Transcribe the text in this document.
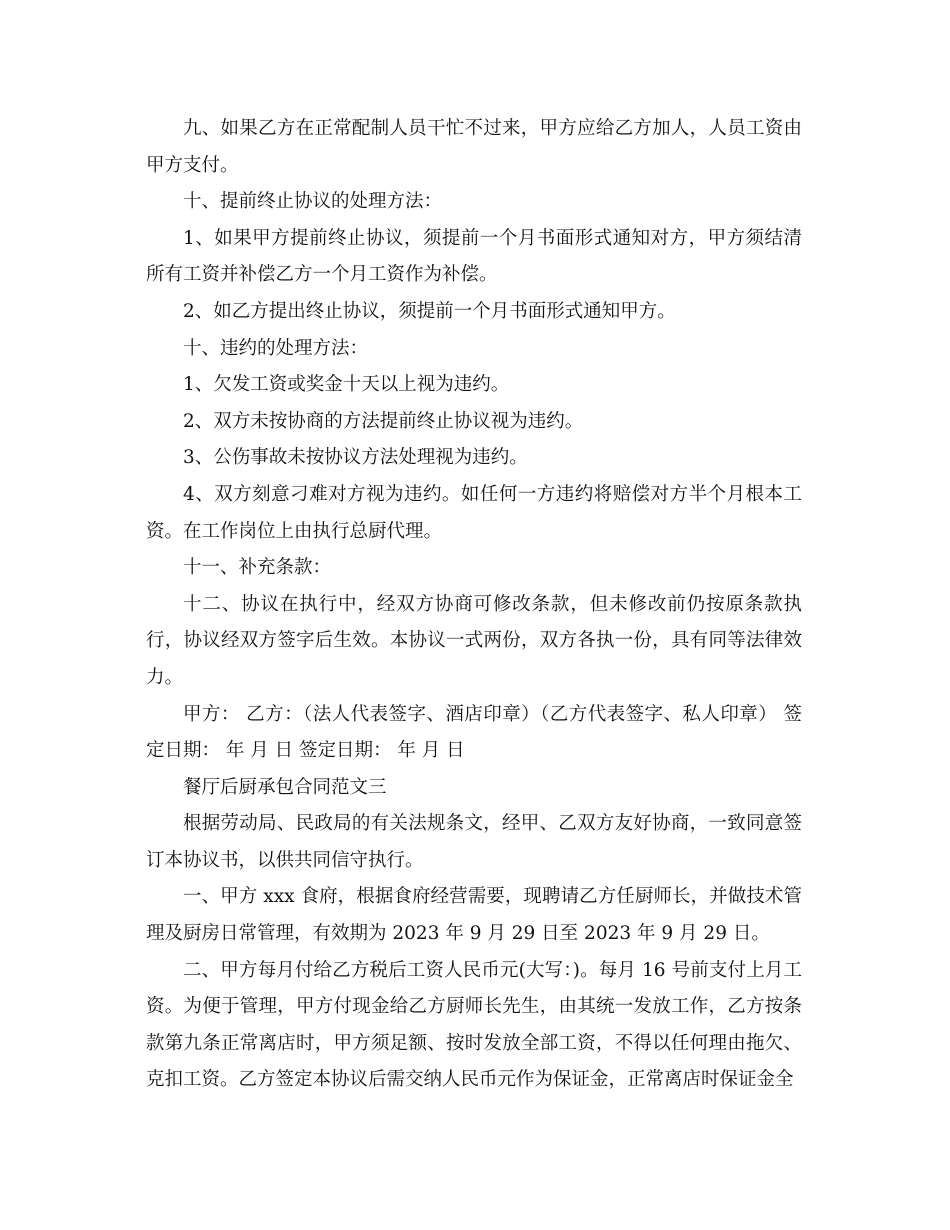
九、如果乙方在正常配制人员干忙不过来，甲方应给乙方加人，人员工资由甲方支付。

十、提前终止协议的处理方法：

1、如果甲方提前终止协议，须提前一个月书面形式通知对方，甲方须结清所有工资并补偿乙方一个月工资作为补偿。

2、如乙方提出终止协议，须提前一个月书面形式通知甲方。

十、违约的处理方法：

1、欠发工资或奖金十天以上视为违约。

2、双方未按协商的方法提前终止协议视为违约。

3、公伤事故未按协议方法处理视为违约。

4、双方刻意刁难对方视为违约。如任何一方违约将赔偿对方半个月根本工资。在工作岗位上由执行总厨代理。

十一、补充条款：

十二、协议在执行中，经双方协商可修改条款，但未修改前仍按原条款执行，协议经双方签字后生效。本协议一式两份，双方各执一份，具有同等法律效力。

甲方： 乙方：（法人代表签字、酒店印章）（乙方代表签字、私人印章） 签定日期： 年 月 日 签定日期： 年 月 日

餐厅后厨承包合同范文三

根据劳动局、民政局的有关法规条文，经甲、乙双方友好协商，一致同意签订本协议书，以供共同信守执行。

一、甲方 xxx 食府，根据食府经营需要，现聘请乙方任厨师长，并做技术管理及厨房日常管理，有效期为 2023 年 9 月 29 日至 2023 年 9 月 29 日。

二、甲方每月付给乙方税后工资人民币元(大写：)。每月 16 号前支付上月工资。为便于管理，甲方付现金给乙方厨师长先生，由其统一发放工作，乙方按条款第九条正常离店时，甲方须足额、按时发放全部工资，不得以任何理由拖欠、克扣工资。乙方签定本协议后需交纳人民币元作为保证金，正常离店时保证金全
